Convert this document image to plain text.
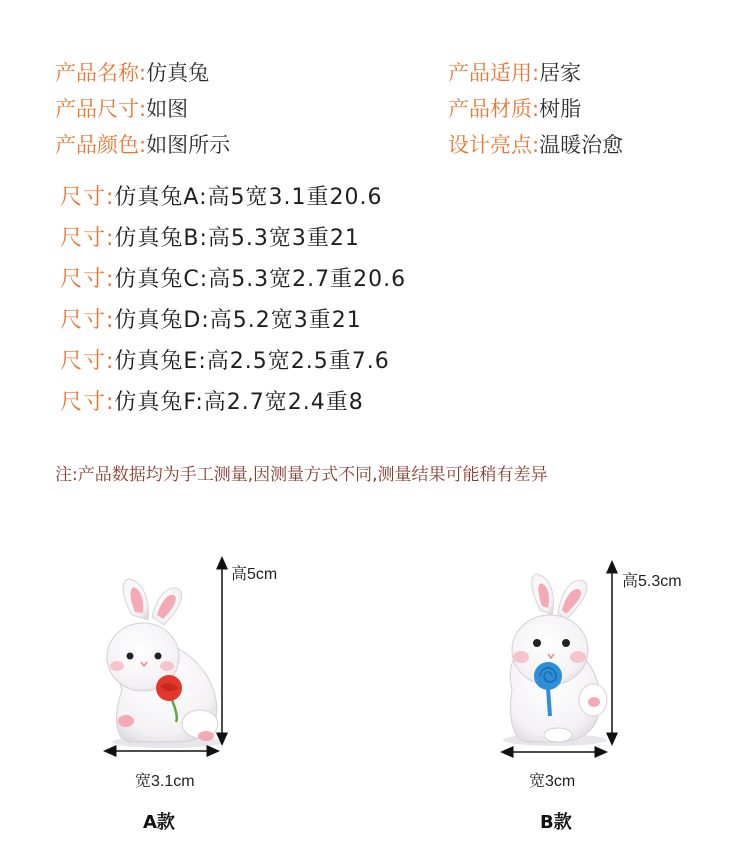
产品名称:仿真兔
产品尺寸:如图
产品颜色:如图所示
产品适用:居家
产品材质:树脂
设计亮点:温暖治愈
尺寸:仿真兔A:高5宽3.1重20.6
尺寸:仿真兔B:高5.3宽3重21
尺寸:仿真兔C:高5.3宽2.7重20.6
尺寸:仿真兔D:高5.2宽3重21
尺寸:仿真兔E:高2.5宽2.5重7.6
尺寸:仿真兔F:高2.7宽2.4重8
注:产品数据均为手工测量,因测量方式不同,测量结果可能稍有差异
高5cm
宽3.1cm
A款
高5.3cm
宽3cm
B款
